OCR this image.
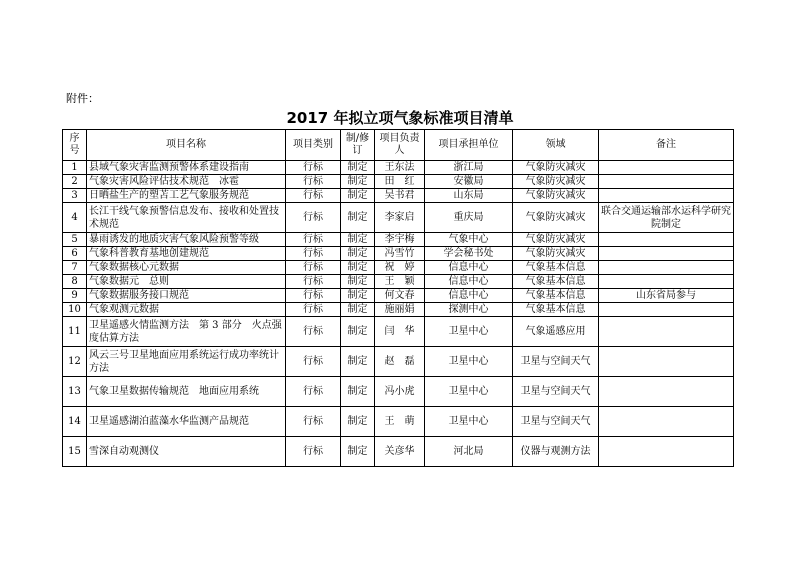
附件：
2017 年拟立项气象标准项目清单
序号	项目名称	项目类别	制/修订	项目负责人	项目承担单位	领域	备注
1	县域气象灾害监测预警体系建设指南	行标	制定	王东法	浙江局	气象防灾减灾	
2	气象灾害风险评估技术规范　冰雹	行标	制定	田　红	安徽局	气象防灾减灾	
3	日晒盐生产的塑苫工艺气象服务规范	行标	制定	吴书君	山东局	气象防灾减灾	
4	长江干线气象预警信息发布、接收和处置技术规范	行标	制定	李家启	重庆局	气象防灾减灾	联合交通运输部水运科学研究院制定
5	暴雨诱发的地质灾害气象风险预警等级	行标	制定	李宇梅	气象中心	气象防灾减灾	
6	气象科普教育基地创建规范	行标	制定	冯雪竹	学会秘书处	气象防灾减灾	
7	气象数据核心元数据	行标	制定	祝　婷	信息中心	气象基本信息	
8	气象数据元　总则	行标	制定	王　颖	信息中心	气象基本信息	
9	气象数据服务接口规范	行标	制定	何文春	信息中心	气象基本信息	山东省局参与
10	气象观测元数据	行标	制定	施丽娟	探测中心	气象基本信息	
11	卫星遥感火情监测方法　第 3 部分　火点强度估算方法	行标	制定	闫　华	卫星中心	气象遥感应用	
12	风云三号卫星地面应用系统运行成功率统计方法	行标	制定	赵　磊	卫星中心	卫星与空间天气	
13	气象卫星数据传输规范　地面应用系统	行标	制定	冯小虎	卫星中心	卫星与空间天气	
14	卫星遥感湖泊蓝藻水华监测产品规范	行标	制定	王　萌	卫星中心	卫星与空间天气	
15	雪深自动观测仪	行标	制定	关彦华	河北局	仪器与观测方法	
